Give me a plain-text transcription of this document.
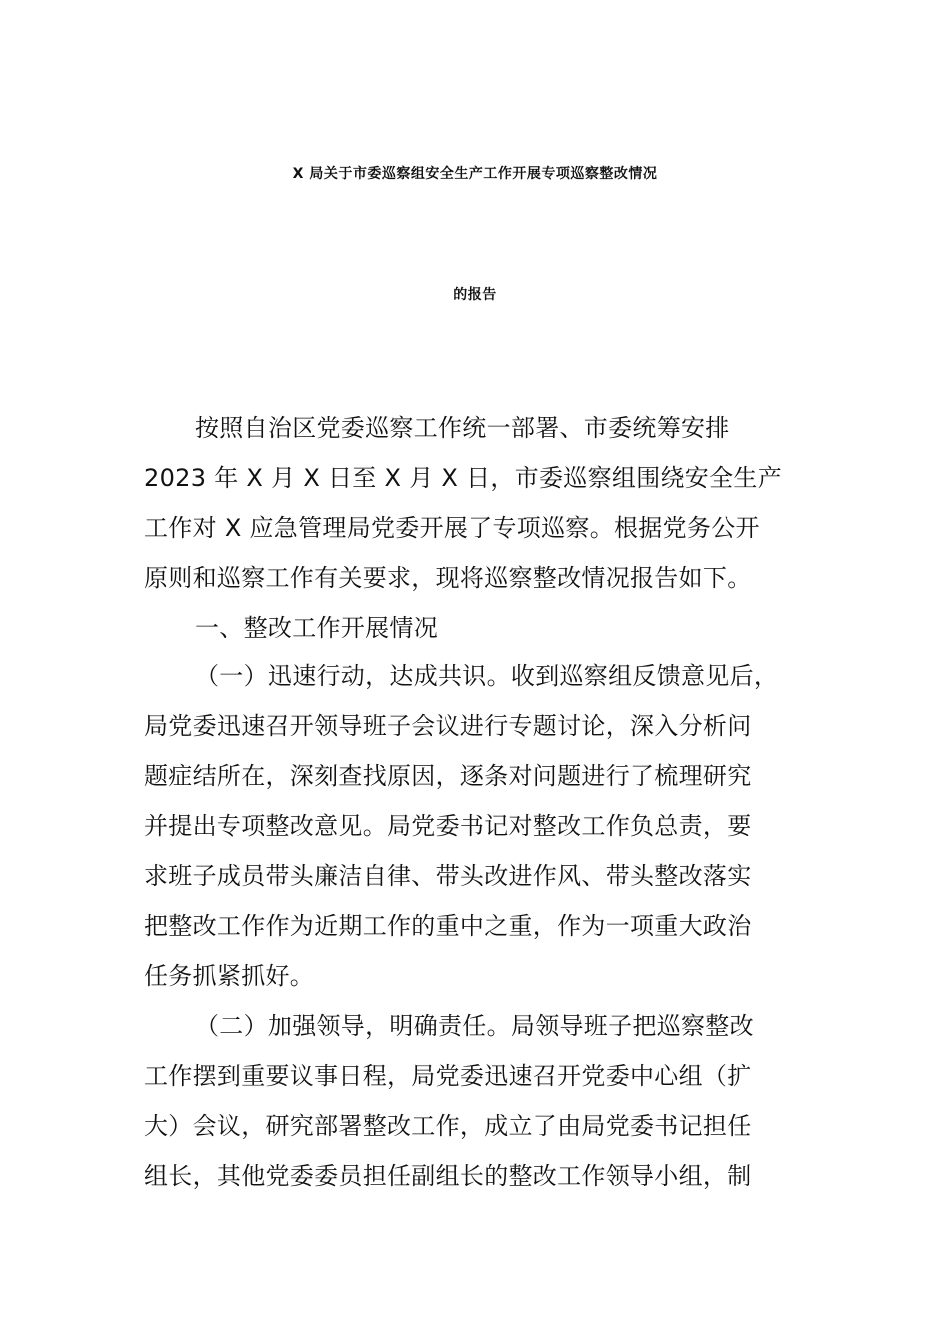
X 局关于市委巡察组安全生产工作开展专项巡察整改情况
的报告
按照自治区党委巡察工作统一部署、市委统筹安排
2023 年 X 月 X 日至 X 月 X 日，市委巡察组围绕安全生产
工作对 X 应急管理局党委开展了专项巡察。根据党务公开
原则和巡察工作有关要求，现将巡察整改情况报告如下。
一、整改工作开展情况
（一）迅速行动，达成共识。收到巡察组反馈意见后，
局党委迅速召开领导班子会议进行专题讨论，深入分析问
题症结所在，深刻查找原因，逐条对问题进行了梳理研究
并提出专项整改意见。局党委书记对整改工作负总责，要
求班子成员带头廉洁自律、带头改进作风、带头整改落实
把整改工作作为近期工作的重中之重，作为一项重大政治
任务抓紧抓好。
（二）加强领导，明确责任。局领导班子把巡察整改
工作摆到重要议事日程，局党委迅速召开党委中心组（扩
大）会议，研究部署整改工作，成立了由局党委书记担任
组长，其他党委委员担任副组长的整改工作领导小组，制
